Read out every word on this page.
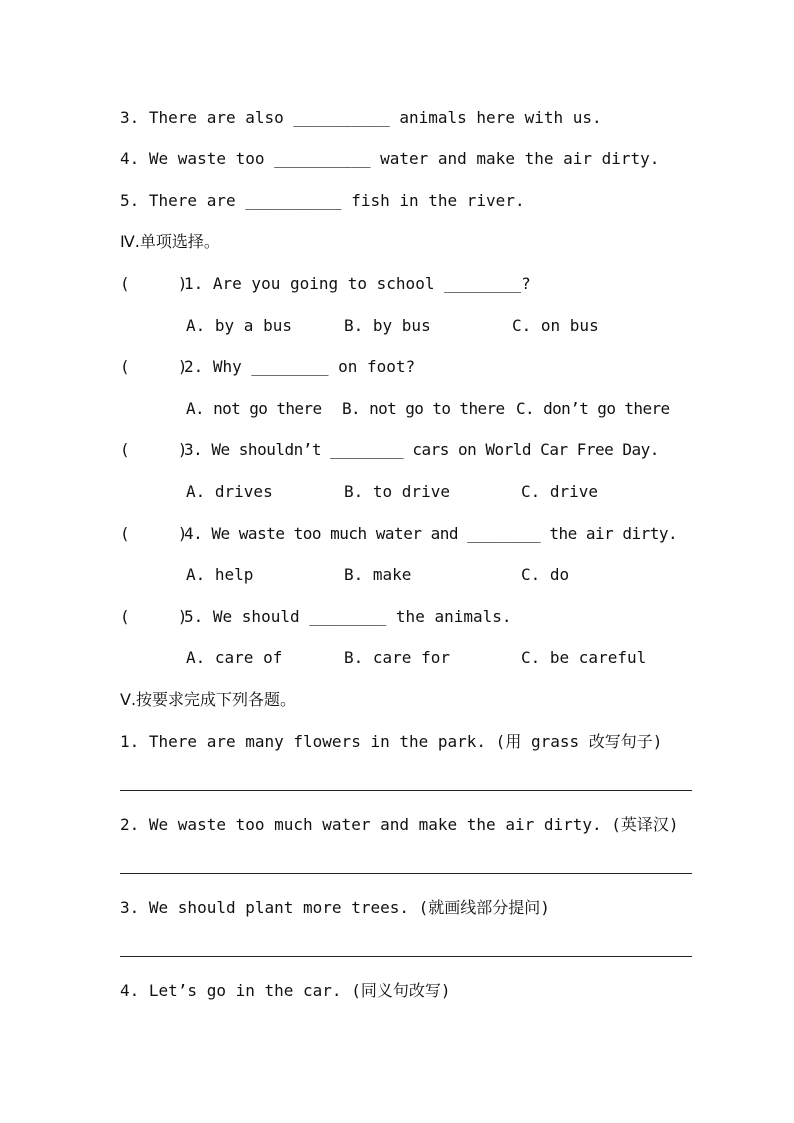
3. There are also __________ animals here with us.
4. We waste too __________ water and make the air dirty.
5. There are __________ fish in the river.
Ⅳ.单项选择。
(     )
1. Are you going to school ________?
A. by a bus	B. by bus	C. on bus
(     )
2. Why ________ on foot?
A. not go there B. not go to there C. don’t go there
(     )
3. We shouldn’t ________ cars on World Car Free Day.
A. drives	B. to drive	C. drive
(     )
4. We waste too much water and ________ the air dirty.
A. help	B. make	C. do
(     )
5. We should ________ the animals.
A. care of	B. care for	C. be careful
Ⅴ.按要求完成下列各题。
1. There are many flowers in the park. (用 grass 改写句子)
2. We waste too much water and make the air dirty. (英译汉)
3. We should plant more trees. (就画线部分提问)
4. Let’s go in the car. (同义句改写)
